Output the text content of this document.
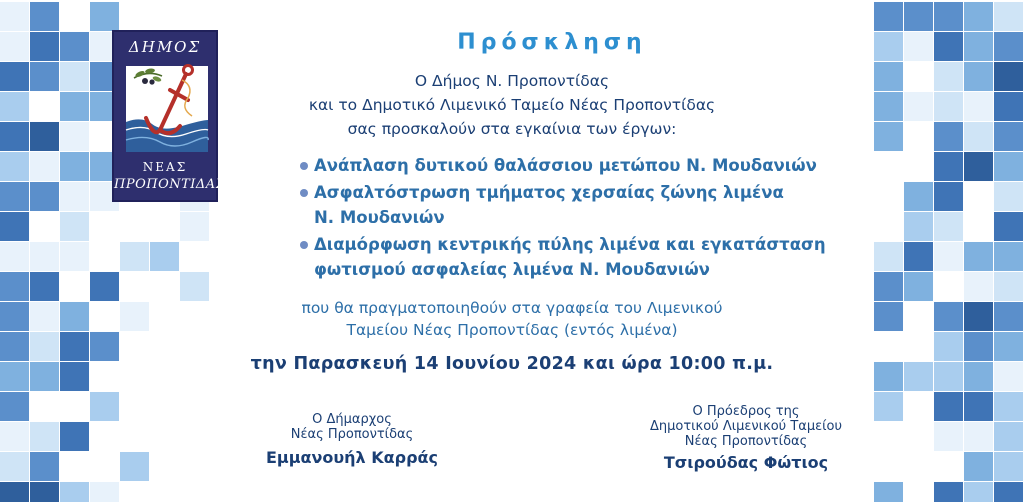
ΔΗΜΟΣ
ΝΕΑΣ
ΠΡΟΠΟΝΤΙΔΑΣ
Πρόσκληση
Ο Δήμος Ν. Προποντίδας
και το Δημοτικό Λιμενικό Ταμείο Νέας Προποντίδας
σας προσκαλούν στα εγκαίνια των έργων:
Ανάπλαση δυτικού θαλάσσιου μετώπου Ν. Μουδανιών
Ασφαλτόστρωση τμήματος χερσαίας ζώνης λιμένα
Ν. Μουδανιών
Διαμόρφωση κεντρικής πύλης λιμένα και εγκατάσταση
φωτισμού ασφαλείας λιμένα Ν. Μουδανιών
που θα πραγματοποιηθούν στα γραφεία του Λιμενικού
Ταμείου Νέας Προποντίδας (εντός λιμένα)
την Παρασκευή 14 Ιουνίου 2024 και ώρα 10:00 π.μ.
Ο Δήμαρχος
Νέας Προποντίδας
Εμμανουήλ Καρράς
Ο Πρόεδρος της
Δημοτικού Λιμενικού Ταμείου
Νέας Προποντίδας
Τσιρούδας Φώτιος
